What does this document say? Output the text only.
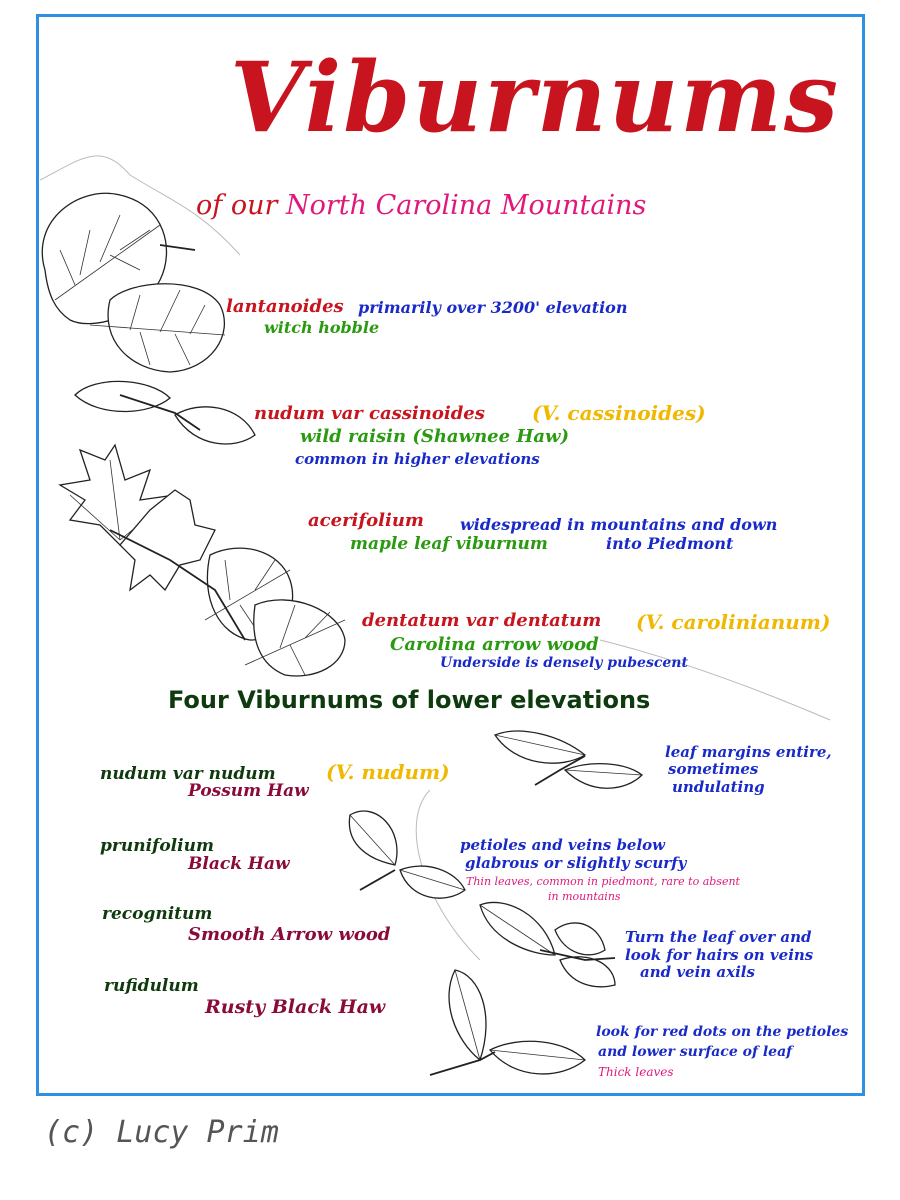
Viburnums
of our North Carolina Mountains
lantanoides primarily over 3200' elevation
witch hobble
nudum var cassinoides (V. cassinoides)
wild raisin (Shawnee Haw)
common in higher elevations
acerifolium widespread in mountains and down
maple leaf viburnum	into Piedmont
dentatum var dentatum (V. carolinianum)
Carolina arrow wood
Underside is densely pubescent
Four Viburnums of lower elevations
nudum var nudum	(V. nudum)
Possum Haw
leaf margins entire,
sometimes
undulating
prunifolium
Black Haw
petioles and veins below
glabrous or slightly scurfy
Thin leaves, common in piedmont, rare to absent
in mountains
recognitum
Smooth Arrow wood	Turn the leaf over and
look for hairs on veins
and vein axils
rufidulum
Rusty Black Haw
look for red dots on the petioles
and lower surface of leaf
Thick leaves
(c) Lucy Prim
